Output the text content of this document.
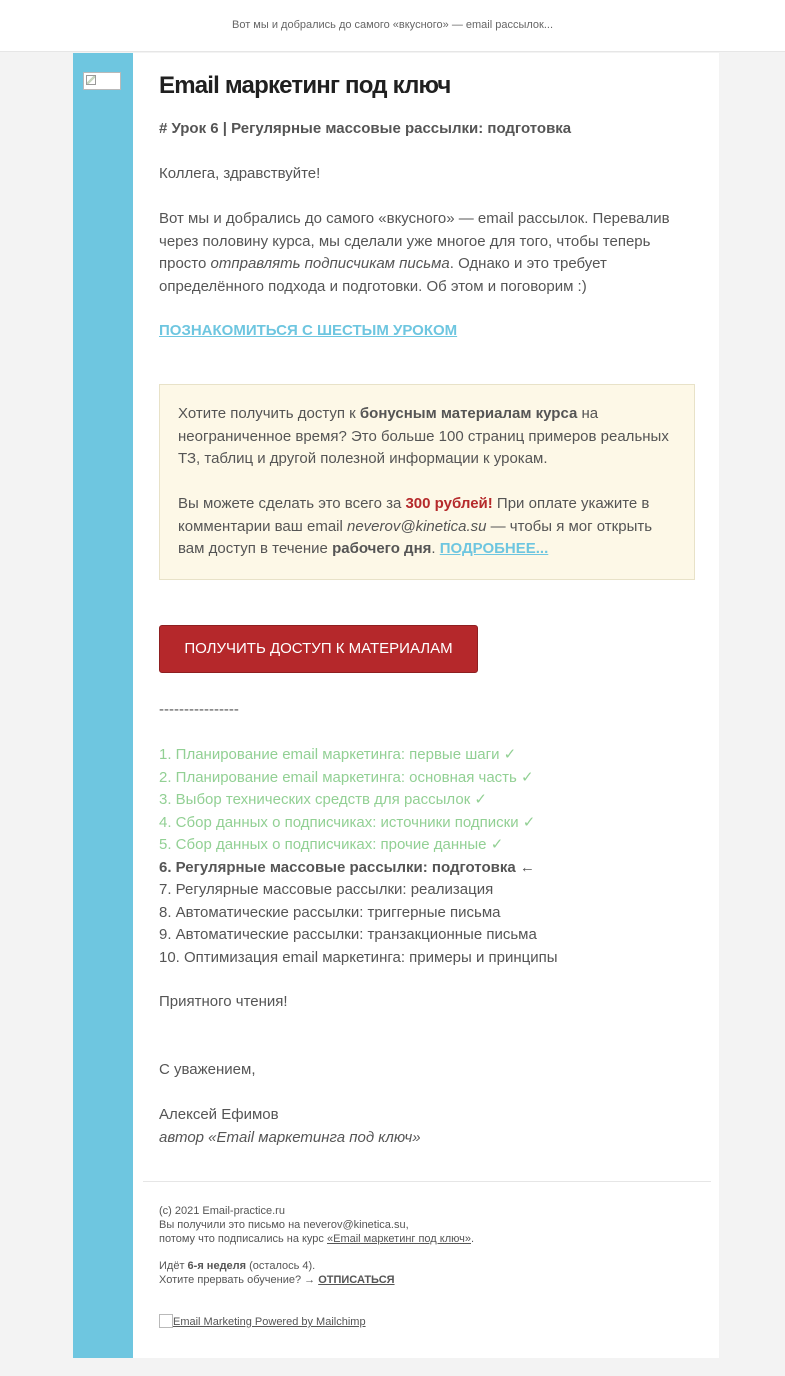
Вот мы и добрались до самого «вкусного» — email рассылок...
Email маркетинг под ключ

# Урок 6 | Регулярные массовые рассылки: подготовка

Коллега, здравствуйте!

Вот мы и добрались до самого «вкусного» — email рассылок. Перевалив через половину курса, мы сделали уже многое для того, чтобы теперь просто отправлять подписчикам письма. Однако и это требует определённого подхода и подготовки. Об этом и поговорим :)

ПОЗНАКОМИТЬСЯ С ШЕСТЫМ УРОКОМ

Хотите получить доступ к бонусным материалам курса на неограниченное время? Это больше 100 страниц примеров реальных ТЗ, таблиц и другой полезной информации к урокам.

Вы можете сделать это всего за 300 рублей! При оплате укажите в комментарии ваш email neverov@kinetica.su — чтобы я мог открыть вам доступ в течение рабочего дня. ПОДРОБНЕЕ...

ПОЛУЧИТЬ ДОСТУП К МАТЕРИАЛАМ

----------------

1. Планирование email маркетинга: первые шаги ✓
2. Планирование email маркетинга: основная часть ✓
3. Выбор технических средств для рассылок ✓
4. Сбор данных о подписчиках: источники подписки ✓
5. Сбор данных о подписчиках: прочие данные ✓
6. Регулярные массовые рассылки: подготовка ←
7. Регулярные массовые рассылки: реализация
8. Автоматические рассылки: триггерные письма
9. Автоматические рассылки: транзакционные письма
10. Оптимизация email маркетинга: примеры и принципы

Приятного чтения!

С уважением,

Алексей Ефимов
автор «Email маркетинга под ключ»

(c) 2021 Email-practice.ru

Вы получили это письмо на neverov@kinetica.su,

потому что подписались на курс «Email маркетинг под ключ».

Идёт 6-я неделя (осталось 4).

Хотите прервать обучение? → ОТПИСАТЬСЯ

Email Marketing Powered by Mailchimp
